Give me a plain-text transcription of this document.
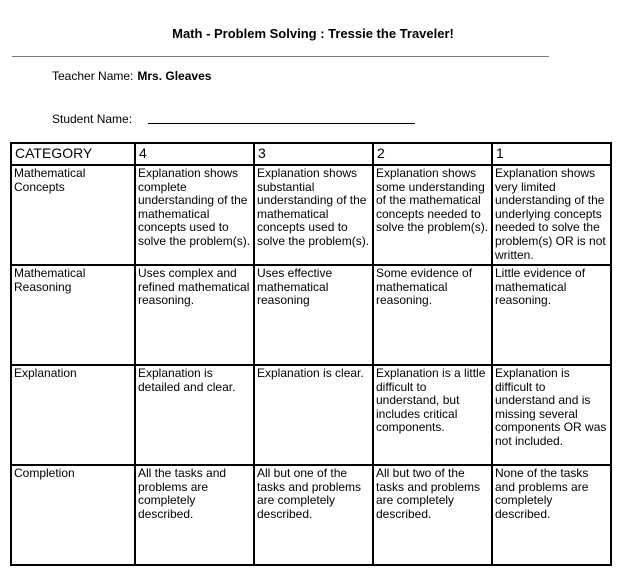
Math - Problem Solving : Tressie the Traveler!
Teacher Name: Mrs. Gleaves
Student Name:
CATEGORY	4	3	2	1
Mathematical Concepts	Explanation shows complete understanding of the mathematical concepts used to solve the problem(s).	Explanation shows substantial understanding of the mathematical concepts used to solve the problem(s).	Explanation shows some understanding of the mathematical concepts needed to solve the problem(s).	Explanation shows very limited understanding of the underlying concepts needed to solve the problem(s) OR is not written.
Mathematical Reasoning	Uses complex and refined mathematical reasoning.	Uses effective mathematical reasoning	Some evidence of mathematical reasoning.	Little evidence of mathematical reasoning.
Explanation	Explanation is detailed and clear.	Explanation is clear.	Explanation is a little difficult to understand, but includes critical components.	Explanation is difficult to understand and is missing several components OR was not included.
Completion	All the tasks and problems are completely described.	All but one of the tasks and problems are completely described.	All but two of the tasks and problems are completely described.	None of the tasks and problems are completely described.
